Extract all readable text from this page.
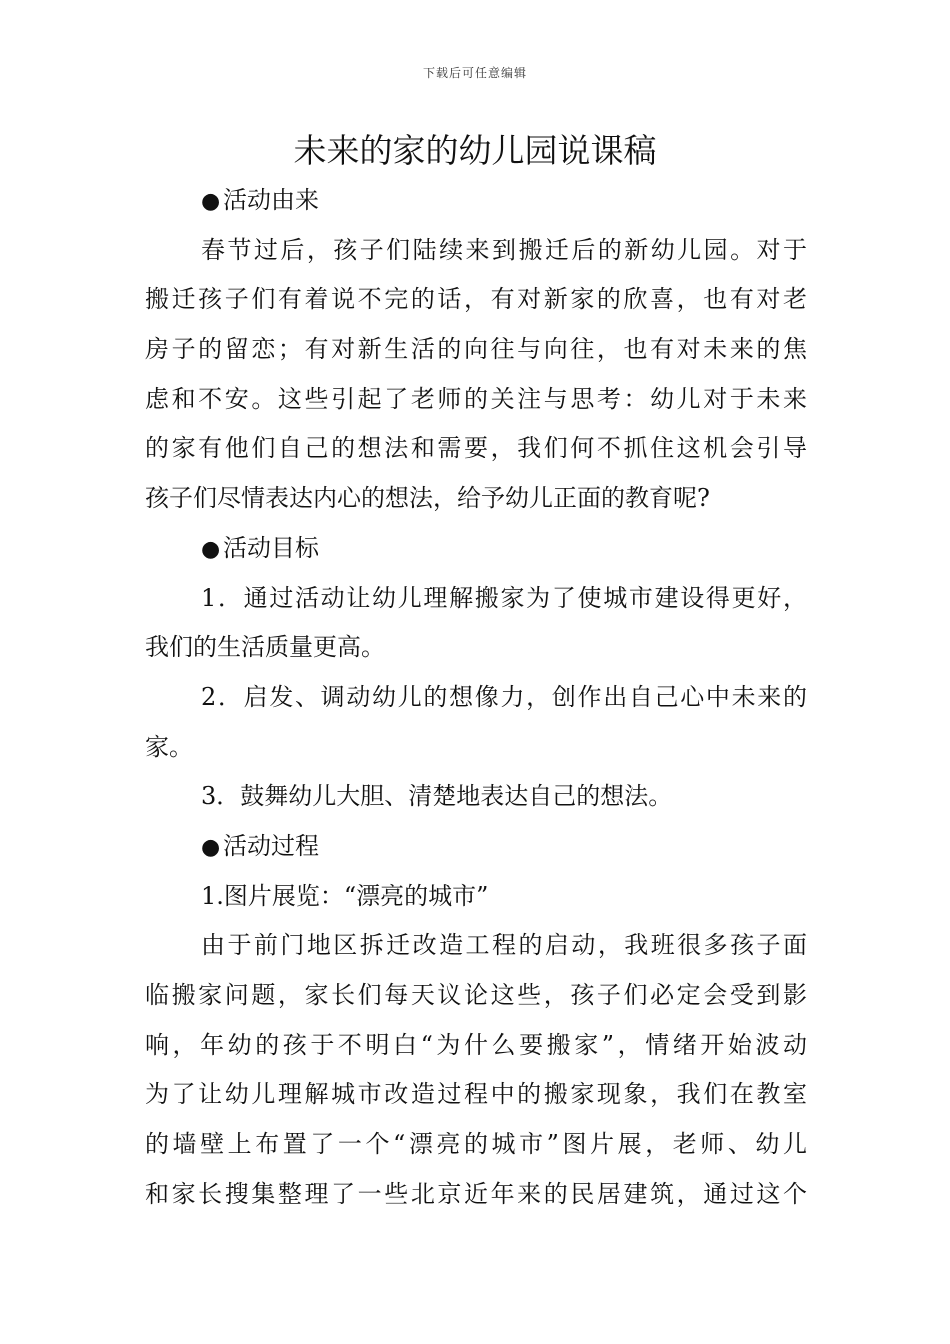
下载后可任意编辑
未来的家的幼儿园说课稿
● 活动由来
春节过后，孩子们陆续来到搬迁后的新幼儿园。对于
搬迁孩子们有着说不完的话，有对新家的欣喜，也有对老
房子的留恋；有对新生活的向往与向往，也有对未来的焦
虑和不安。这些引起了老师的关注与思考：幼儿对于未来
的家有他们自己的想法和需要，我们何不抓住这机会引导
孩子们尽情表达内心的想法，给予幼儿正面的教育呢?
● 活动目标
1．通过活动让幼儿理解搬家为了使城市建设得更好，
我们的生活质量更高。
2．启发、调动幼儿的想像力，创作出自己心中未来的
家。
3．鼓舞幼儿大胆、清楚地表达自己的想法。
● 活动过程
1.图片展览：“漂亮的城市”
由于前门地区拆迁改造工程的启动，我班很多孩子面
临搬家问题，家长们每天议论这些，孩子们必定会受到影
响，年幼的孩于不明白“为什么要搬家”，情绪开始波动
为了让幼儿理解城市改造过程中的搬家现象，我们在教室
的墙壁上布置了一个“漂亮的城市”图片展，老师、幼儿
和家长搜集整理了一些北京近年来的民居建筑，通过这个
